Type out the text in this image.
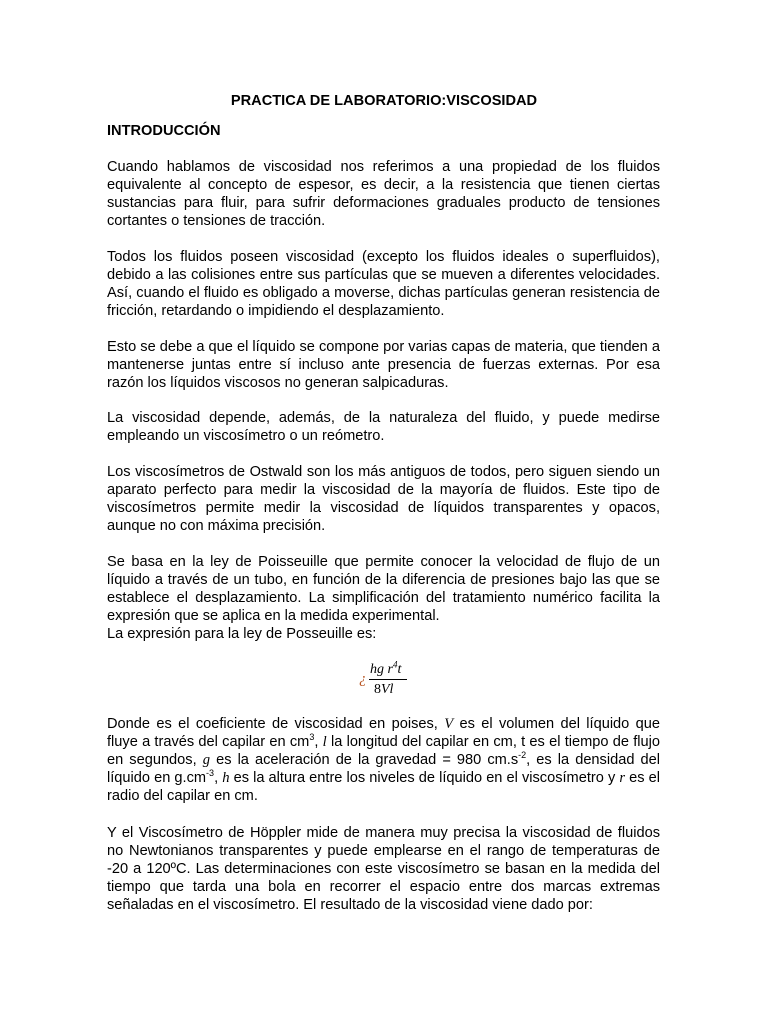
PRACTICA DE LABORATORIO:VISCOSIDAD
INTRODUCCIÓN

Cuando hablamos de viscosidad nos referimos a una propiedad de los fluidos equivalente al concepto de espesor, es decir, a la resistencia que tienen ciertas sustancias para fluir, para sufrir deformaciones graduales producto de tensiones cortantes o tensiones de tracción.

Todos los fluidos poseen viscosidad (excepto los fluidos ideales o superfluidos), debido a las colisiones entre sus partículas que se mueven a diferentes velocidades. Así, cuando el fluido es obligado a moverse, dichas partículas generan resistencia de fricción, retardando o impidiendo el desplazamiento.

Esto se debe a que el líquido se compone por varias capas de materia, que tienden a mantenerse juntas entre sí incluso ante presencia de fuerzas externas. Por esa razón los líquidos viscosos no generan salpicaduras.

La viscosidad depende, además, de la naturaleza del fluido, y puede medirse empleando un viscosímetro o un reómetro.

Los viscosímetros de Ostwald son los más antiguos de todos, pero siguen siendo un aparato perfecto para medir la viscosidad de la mayoría de fluidos. Este tipo de viscosímetros permite medir la viscosidad de líquidos transparentes y opacos, aunque no con máxima precisión.

Se basa en la ley de Poisseuille que permite conocer la velocidad de flujo de un líquido a través de un tubo, en función de la diferencia de presiones bajo las que se establece el desplazamiento. La simplificación del tratamiento numérico facilita la expresión que se aplica en la medida experimental.

La expresión para la ley de Posseuille es:

¿
hg $r^4t$
8Vl

Donde es el coeficiente de viscosidad en poises, V es el volumen del líquido que fluye a través del capilar en $cm^3$, l la longitud del capilar en cm, t es el tiempo de flujo en segundos, g es la aceleración de la gravedad = 980 $cm.s^{-2}$, es la densidad del líquido en $g.cm^{-3}$, h es la altura entre los niveles de líquido en el viscosímetro y r es el radio del capilar en cm.

Y el Viscosímetro de Höppler mide de manera muy precisa la viscosidad de fluidos no Newtonianos transparentes y puede emplearse en el rango de temperaturas de -20 a 120ºC. Las determinaciones con este viscosímetro se basan en la medida del tiempo que tarda una bola en recorrer el espacio entre dos marcas extremas señaladas en el viscosímetro. El resultado de la viscosidad viene dado por:
